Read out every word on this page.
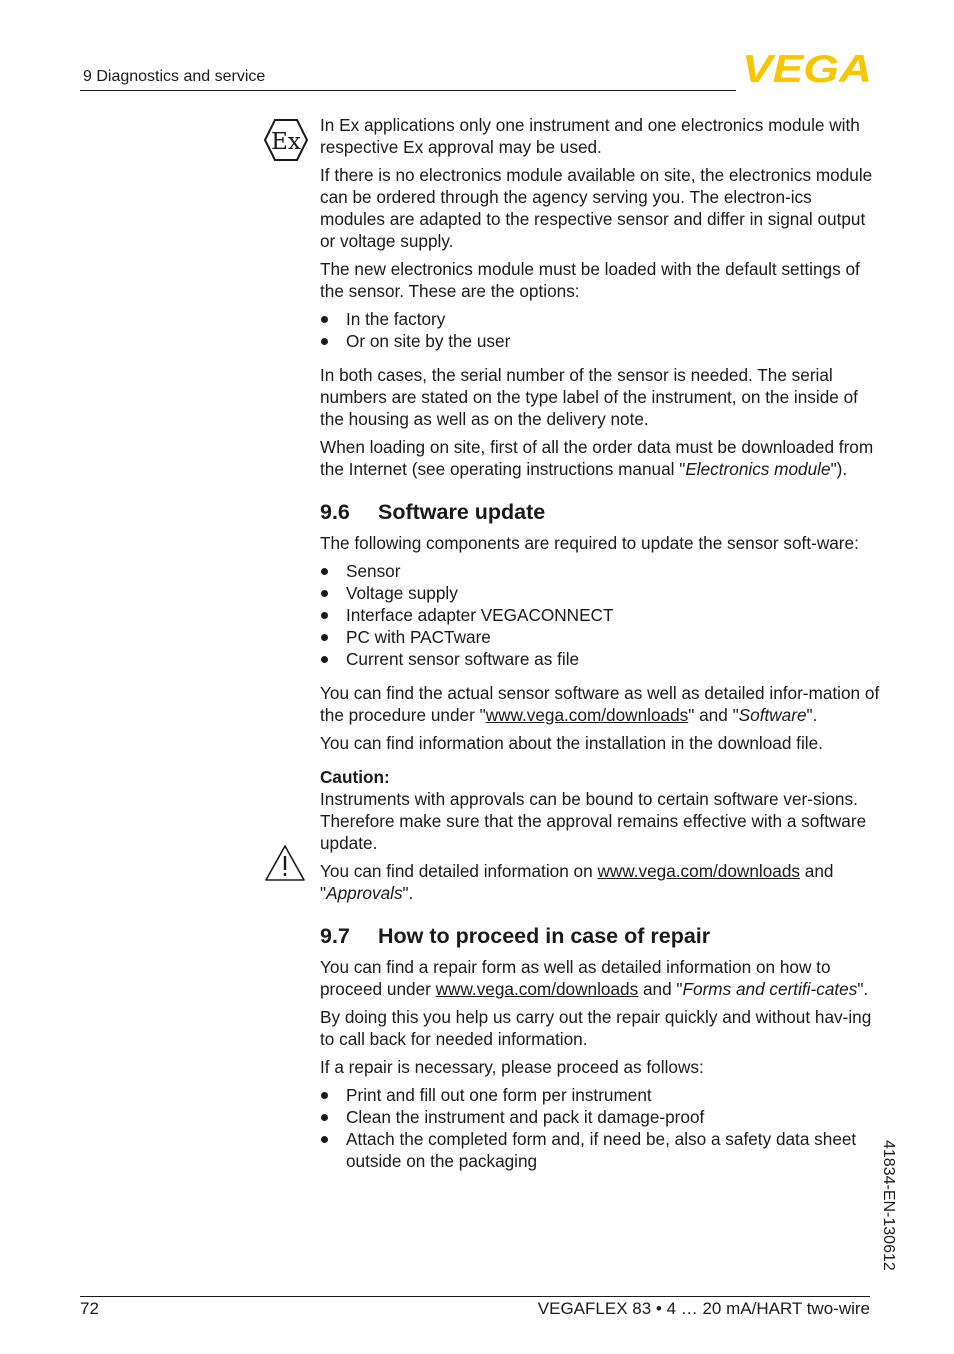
9 Diagnostics and service	VEGA
Ex

In Ex applications only one instrument and one electronics module with respective Ex approval may be used.

If there is no electronics module available on site, the electronics module can be ordered through the agency serving you. The electron-ics modules are adapted to the respective sensor and differ in signal output or voltage supply.

The new electronics module must be loaded with the default settings of the sensor. These are the options:

In the factory
Or on site by the user

In both cases, the serial number of the sensor is needed. The serial numbers are stated on the type label of the instrument, on the inside of the housing as well as on the delivery note.

When loading on site, first of all the order data must be downloaded from the Internet (see operating instructions manual "Electronics module").

9.6 Software update

The following components are required to update the sensor soft-ware:

Sensor
Voltage supply
Interface adapter VEGACONNECT
PC with PACTware
Current sensor software as file

You can find the actual sensor software as well as detailed infor-mation of the procedure under "www.vega.com/downloads" and "Software".

You can find information about the installation in the download file.

Caution:

Instruments with approvals can be bound to certain software ver-sions. Therefore make sure that the approval remains effective with a software update.

You can find detailed information on www.vega.com/downloads and "Approvals".

9.7 How to proceed in case of repair

You can find a repair form as well as detailed information on how to proceed under www.vega.com/downloads and "Forms and certifi-cates".

By doing this you help us carry out the repair quickly and without hav-ing to call back for needed information.

If a repair is necessary, please proceed as follows:

Print and fill out one form per instrument
Clean the instrument and pack it damage-proof
Attach the completed form and, if need be, also a safety data sheet outside on the packaging	41834-EN-130612
72	VEGAFLEX 83 • 4 … 20 mA/HART two-wire
